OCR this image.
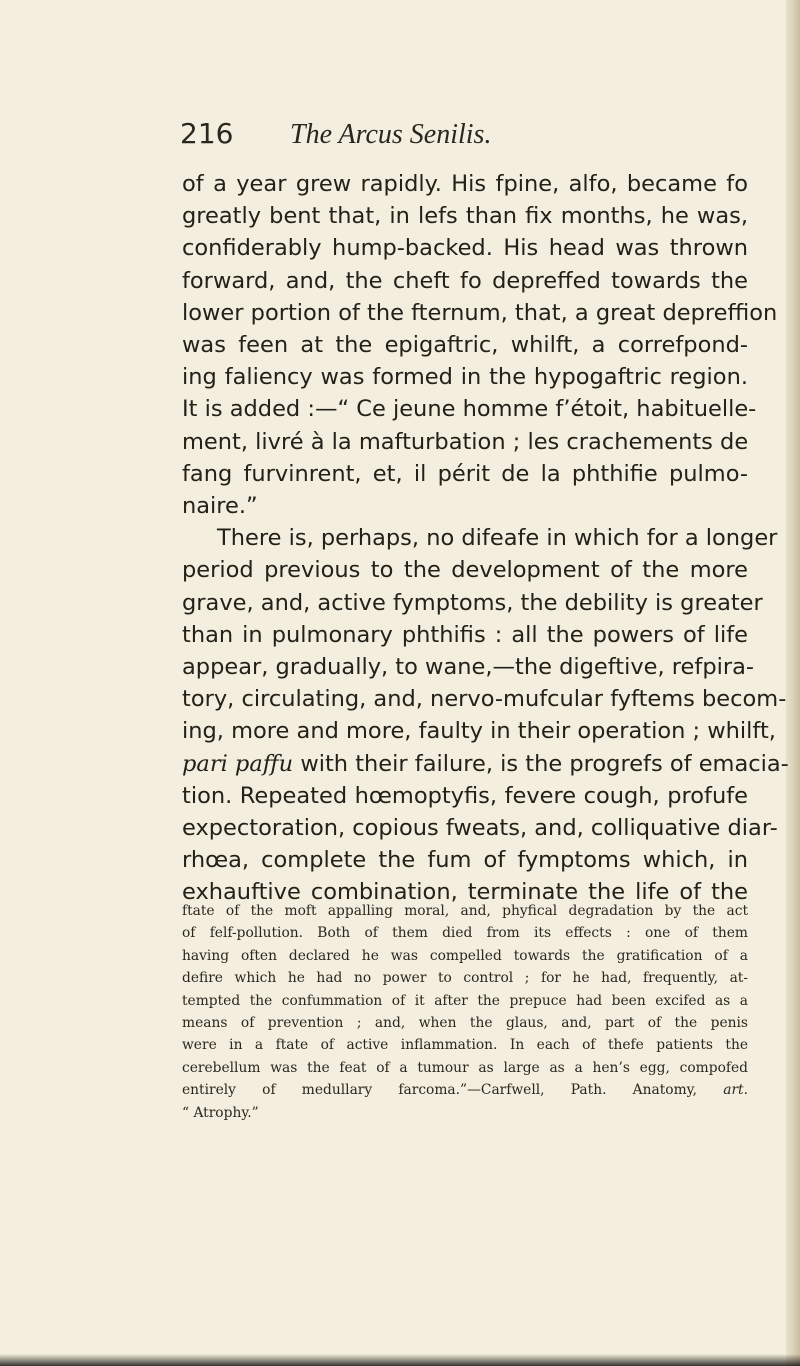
216 The Arcus Senilis.
of a year grew rapidly. His fpine, alfo, became fo
greatly bent that, in lefs than fix months, he was,
confiderably hump-backed. His head was thrown
forward, and, the cheft fo depreffed towards the
lower portion of the fternum, that, a great depreffion
was feen at the epigaftric, whilft, a correfpond-
ing faliency was formed in the hypogaftric region.
It is added :—“ Ce jeune homme f’étoit, habituelle-
ment, livré à la mafturbation ; les crachements de
fang furvinrent, et, il périt de la phthifie pulmo-
naire.”
There is, perhaps, no difeafe in which for a longer
period previous to the development of the more
grave, and, active fymptoms, the debility is greater
than in pulmonary phthifis : all the powers of life
appear, gradually, to wane,—the digeftive, refpira-
tory, circulating, and, nervo-mufcular fyftems becom-
ing, more and more, faulty in their operation ; whilft,
pari paffu with their failure, is the progrefs of emacia-
tion. Repeated hœmoptyfis, fevere cough, profufe
expectoration, copious fweats, and, colliquative diar-
rhœa, complete the fum of fymptoms which, in
exhauftive combination, terminate the life of the
ftate of the moft appalling moral, and, phyfical degradation by the act
of felf-pollution. Both of them died from its effects : one of them
having often declared he was compelled towards the gratification of a
defire which he had no power to control ; for he had, frequently, at-
tempted the confummation of it after the prepuce had been excifed as a
means of prevention ; and, when the glaus, and, part of the penis
were in a ftate of active inflammation. In each of thefe patients the
cerebellum was the feat of a tumour as large as a hen’s egg, compofed
entirely of medullary farcoma.”—Carfwell, Path. Anatomy, art.
“ Atrophy.”
